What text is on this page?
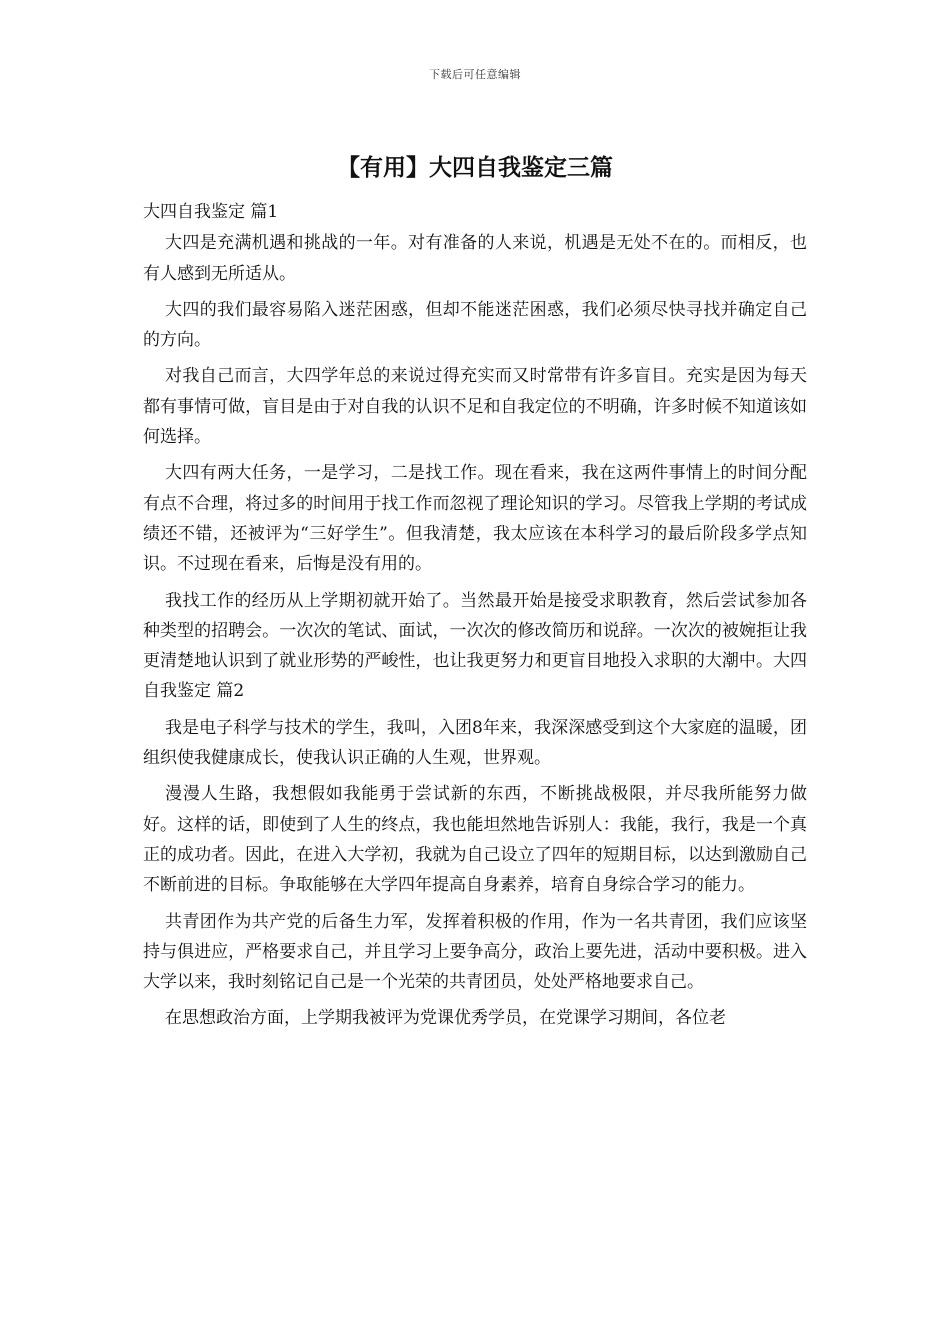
下载后可任意编辑
【有用】大四自我鉴定三篇

大四自我鉴定 篇1

大四是充满机遇和挑战的一年。对有准备的人来说，机遇是无处不在的。而相反，也有人感到无所适从。

大四的我们最容易陷入迷茫困惑，但却不能迷茫困惑，我们必须尽快寻找并确定自己的方向。

对我自己而言，大四学年总的来说过得充实而又时常带有许多盲目。充实是因为每天都有事情可做，盲目是由于对自我的认识不足和自我定位的不明确，许多时候不知道该如何选择。

大四有两大任务，一是学习，二是找工作。现在看来，我在这两件事情上的时间分配有点不合理，将过多的时间用于找工作而忽视了理论知识的学习。尽管我上学期的考试成绩还不错，还被评为“三好学生”。但我清楚，我太应该在本科学习的最后阶段多学点知识。不过现在看来，后悔是没有用的。

我找工作的经历从上学期初就开始了。当然最开始是接受求职教育，然后尝试参加各种类型的招聘会。一次次的笔试、面试，一次次的修改简历和说辞。一次次的被婉拒让我更清楚地认识到了就业形势的严峻性，也让我更努力和更盲目地投入求职的大潮中。大四自我鉴定 篇2

我是电子科学与技术的学生，我叫，入团8年来，我深深感受到这个大家庭的温暖，团组织使我健康成长，使我认识正确的人生观，世界观。

漫漫人生路，我想假如我能勇于尝试新的东西，不断挑战极限，并尽我所能努力做好。这样的话，即使到了人生的终点，我也能坦然地告诉别人：我能，我行，我是一个真正的成功者。因此，在进入大学初，我就为自己设立了四年的短期目标，以达到激励自己不断前进的目标。争取能够在大学四年提高自身素养，培育自身综合学习的能力。

共青团作为共产党的后备生力军，发挥着积极的作用，作为一名共青团，我们应该坚持与俱进应，严格要求自己，并且学习上要争高分，政治上要先进，活动中要积极。进入大学以来，我时刻铭记自己是一个光荣的共青团员，处处严格地要求自己。

在思想政治方面，上学期我被评为党课优秀学员，在党课学习期间，各位老
